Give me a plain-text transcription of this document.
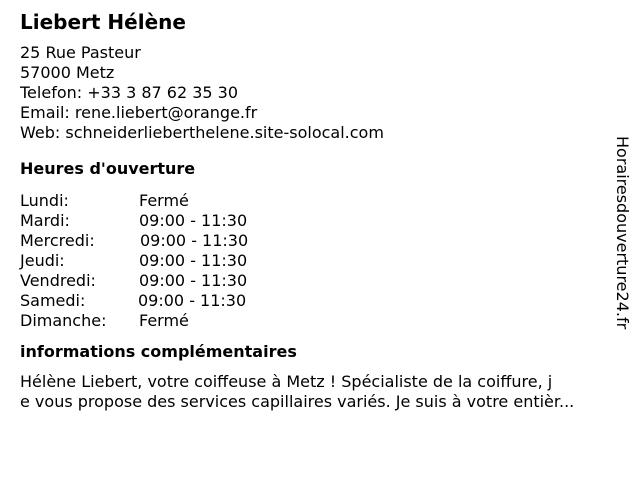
Liebert Hélène
25 Rue Pasteur
57000 Metz
Telefon: +33 3 87 62 35 30
Email: rene.liebert@orange.fr
Web: schneiderlieberthelene.site-solocal.com
Heures d'ouverture
Lundi:	Fermé
Mardi:	09:00 - 11:30
Mercredi:	09:00 - 11:30
Jeudi:	09:00 - 11:30
Vendredi:	09:00 - 11:30
Samedi:	09:00 - 11:30
Dimanche: Fermé
informations complémentaires
Hélène Liebert, votre coiffeuse à Metz ! Spécialiste de la coiffure, j
e vous propose des services capillaires variés. Je suis à votre entièr...
Horairesdouverture24.fr
